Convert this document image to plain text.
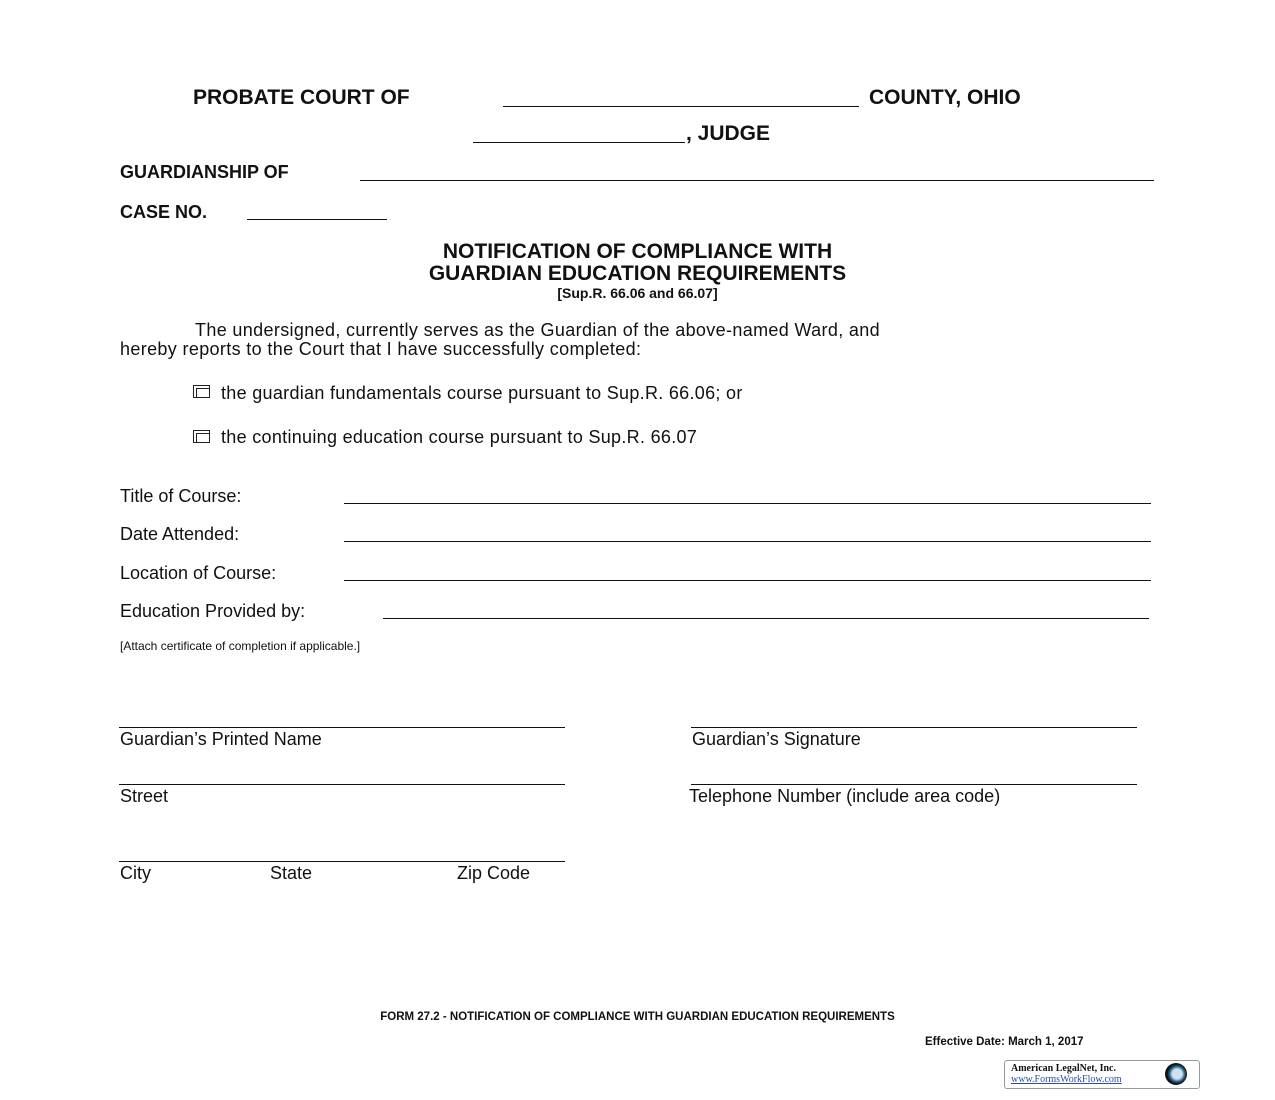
PROBATE COURT OF	COUNTY, OHIO
, JUDGE
GUARDIANSHIP OF
CASE NO.
NOTIFICATION OF COMPLIANCE WITH
GUARDIAN EDUCATION REQUIREMENTS
[Sup.R. 66.06 and 66.07]
The undersigned, currently serves as the Guardian of the above-named Ward, and
hereby reports to the Court that I have successfully completed:
the guardian fundamentals course pursuant to Sup.R. 66.06; or
the continuing education course pursuant to Sup.R. 66.07
Title of Course:
Date Attended:
Location of Course:
Education Provided by:
[Attach certificate of completion if applicable.]
Guardian’s Printed Name	Guardian’s Signature
Street	Telephone Number (include area code)
City	State	Zip Code
FORM 27.2 - NOTIFICATION OF COMPLIANCE WITH GUARDIAN EDUCATION REQUIREMENTS
Effective Date: March 1, 2017
American LegalNet, Inc.
www.FormsWorkFlow.com
